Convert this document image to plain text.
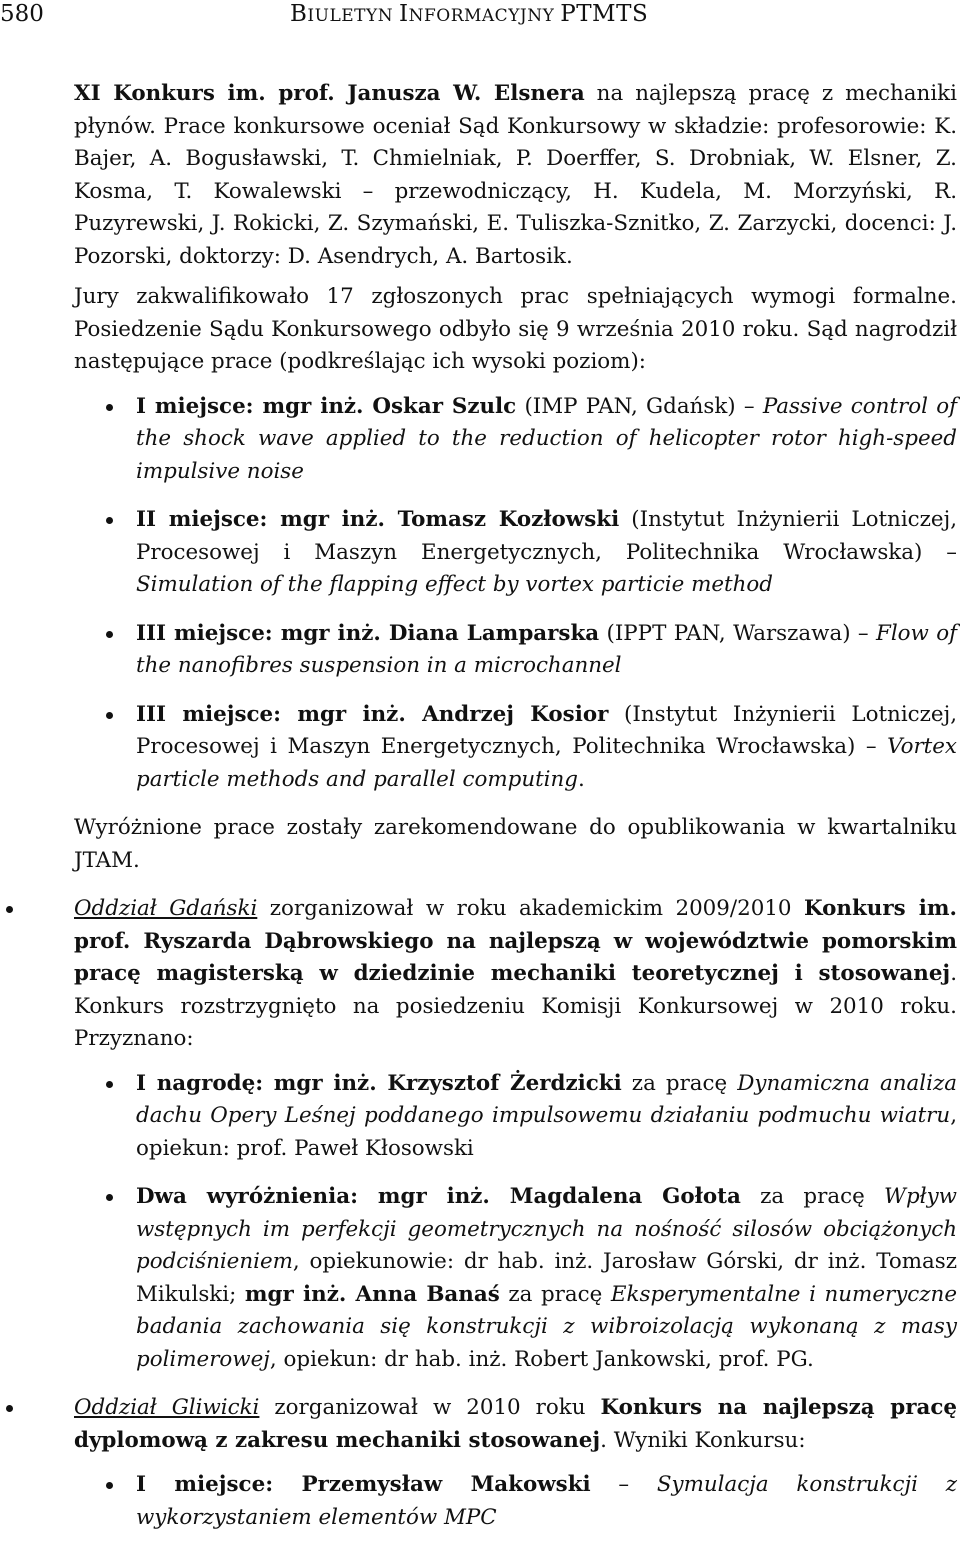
580	BIULETYN INFORMACYJNY PTMTS

XI Konkurs im. prof. Janusza W. Elsnera na najlepszą pracę z mechaniki płynów. Prace konkursowe oceniał Sąd Konkursowy w składzie: profesorowie: K. Bajer, A. Bogusławski, T. Chmielniak, P. Doerffer, S. Drobniak, W. Elsner, Z. Kosma, T. Kowalewski – przewodniczący, H. Kudela, M. Morzyński, R. Puzyrewski, J. Rokicki, Z. Szymański, E. Tuliszka-Sznitko, Z. Zarzycki, docenci: J. Pozorski, doktorzy: D. Asendrych, A. Bartosik.

Jury zakwalifikowało 17 zgłoszonych prac spełniających wymogi formalne. Posiedzenie Sądu Konkursowego odbyło się 9 września 2010 roku. Sąd nagrodził następujące prace (podkreślając ich wysoki poziom):

I miejsce: mgr inż. Oskar Szulc (IMP PAN, Gdańsk) – Passive control of the shock wave applied to the reduction of helicopter rotor high-speed impulsive noise
II miejsce: mgr inż. Tomasz Kozłowski (Instytut Inżynierii Lotniczej, Procesowej i Maszyn Energetycznych, Politechnika Wrocławska) – Simulation of the flapping effect by vortex particie method
III miejsce: mgr inż. Diana Lamparska (IPPT PAN, Warszawa) – Flow of the nanofibres suspension in a microchannel
III miejsce: mgr inż. Andrzej Kosior (Instytut Inżynierii Lotniczej, Procesowej i Maszyn Energetycznych, Politechnika Wrocławska) – Vortex particle methods and parallel computing.

Wyróżnione prace zostały zarekomendowane do opublikowania w kwartalniku JTAM.

Oddział Gdański zorganizował w roku akademickim 2009/2010 Konkurs im. prof. Ryszarda Dąbrowskiego na najlepszą w województwie pomorskim pracę magisterską w dziedzinie mechaniki teoretycznej i stosowanej. Konkurs rozstrzygnięto na posiedzeniu Komisji Konkursowej w 2010 roku. Przyznano:
I nagrodę: mgr inż. Krzysztof Żerdzicki za pracę Dynamiczna analiza dachu Opery Leśnej poddanego impulsowemu działaniu podmuchu wiatru, opiekun: prof. Paweł Kłosowski
Dwa wyróżnienia: mgr inż. Magdalena Gołota za pracę Wpływ wstępnych im perfekcji geometrycznych na nośność silosów obciążonych podciśnieniem, opiekunowie: dr hab. inż. Jarosław Górski, dr inż. Tomasz Mikulski; mgr inż. Anna Banaś za pracę Eksperymentalne i numeryczne badania zachowania się konstrukcji z wibroizolacją wykonaną z masy polimerowej, opiekun: dr hab. inż. Robert Jankowski, prof. PG.
Oddział Gliwicki zorganizował w 2010 roku Konkurs na najlepszą pracę dyplomową z zakresu mechaniki stosowanej. Wyniki Konkursu:
I miejsce: Przemysław Makowski – Symulacja konstrukcji z wykorzystaniem elementów MPC
